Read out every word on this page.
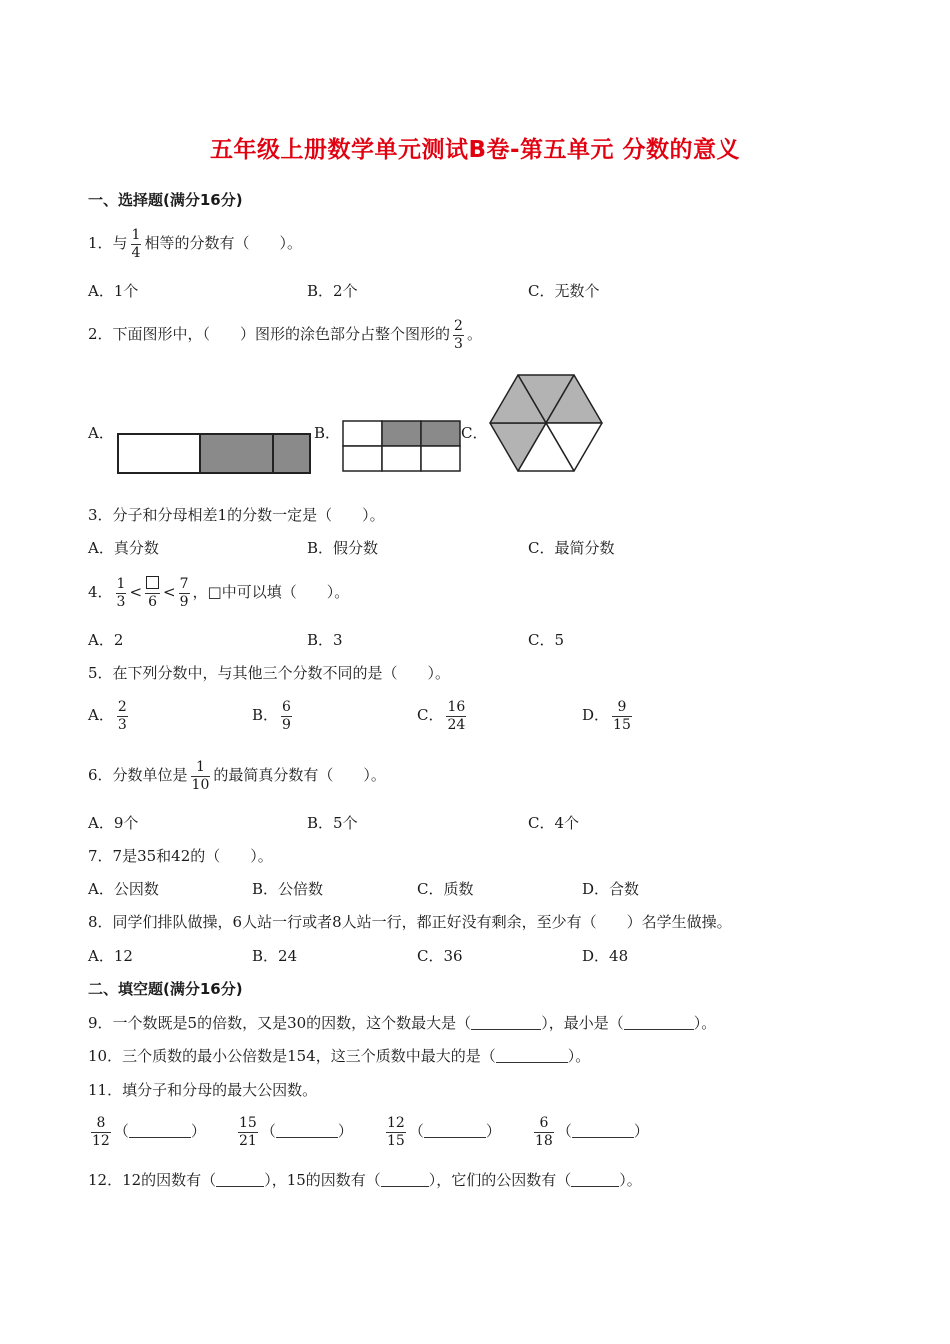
五年级上册数学单元测试B卷-第五单元 分数的意义
一、选择题(满分16分)
1．与 $\frac{1}{4}$ 相等的分数有（　　）。
A．1个	B．2个	C．无数个
2．下面图形中，（　　）图形的涂色部分占整个图形的 $\frac{2}{3}$ 。
A．	B．	C．
3．分子和分母相差1的分数一定是（　　）。
A．真分数	B．假分数	C．最简分数
4． $\frac{1}{3}$ <
6
< $\frac{7}{9}$ ，□中可以填（　　）。
A．2	B．3	C．5
5．在下列分数中，与其他三个分数不同的是（　　）。
A． $\frac{2}{3}$	B． $\frac{6}{9}$	C． $\frac{16}{24}$	D． $\frac{9}{15}$
6．分数单位是 $\frac{1}{10}$ 的最简真分数有（　　）。
A．9个	B．5个	C．4个
7．7是35和42的（　　）。
A．公因数	B．公倍数	C．质数	D．合数
8．同学们排队做操，6人站一行或者8人站一行，都正好没有剩余，至少有（　　）名学生做操。
A．12	B．24	C．36	D．48
二、填空题(满分16分)
9．一个数既是5的倍数，又是30的因数，这个数最大是（	），最小是（	）。
10．三个质数的最小公倍数是154，这三个质数中最大的是（	）。
11．填分子和分母的最大公因数。
$\frac{8}{12}$ （	） $\frac{15}{21}$ （	） $\frac{12}{15}$ （	） $\frac{6}{18}$ （	）
12．12的因数有（	），15的因数有（	），它们的公因数有（	）。
